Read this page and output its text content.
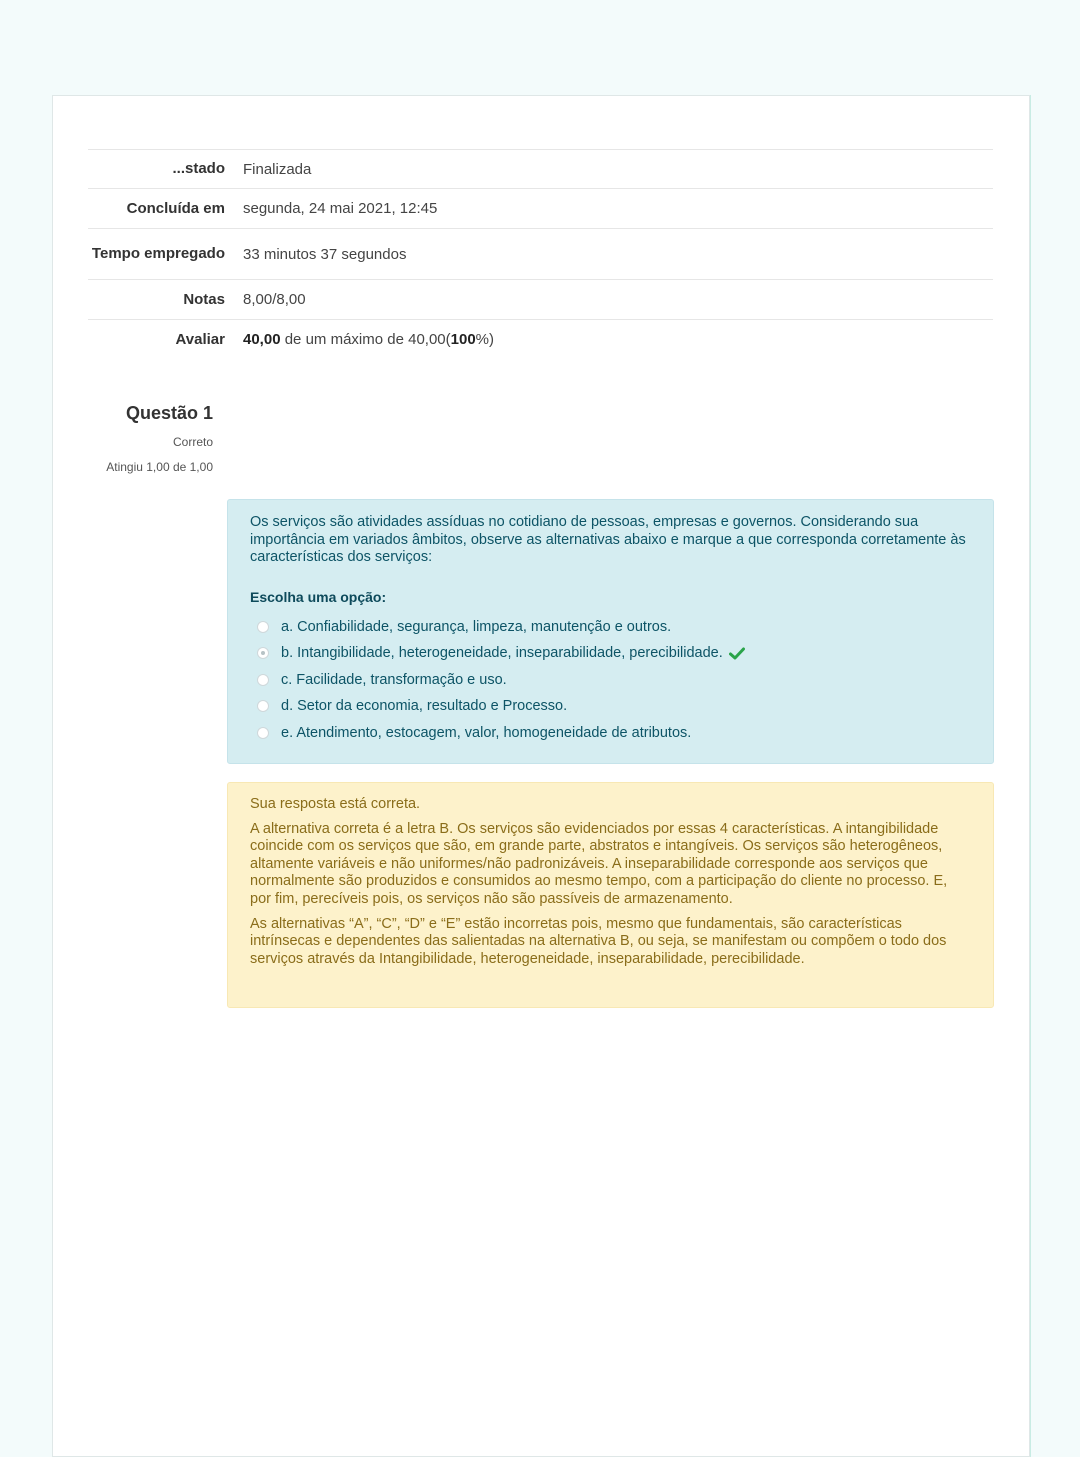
...stado	Finalizada
Concluída em	segunda, 24 mai 2021, 12:45
Tempo empregado	33 minutos 37 segundos
Notas	8,00/8,00
Avaliar	40,00 de um máximo de 40,00(100%)
Questão 1
Correto
Atingiu 1,00 de 1,00

Os serviços são atividades assíduas no cotidiano de pessoas, empresas e governos. Considerando sua importância em variados âmbitos, observe as alternativas abaixo e marque a que corresponda corretamente às características dos serviços:

Escolha uma opção:

a. Confiabilidade, segurança, limpeza, manutenção e outros.
b. Intangibilidade, heterogeneidade, inseparabilidade, perecibilidade.
c. Facilidade, transformação e uso.
d. Setor da economia, resultado e Processo.
e. Atendimento, estocagem, valor, homogeneidade de atributos.

Sua resposta está correta.

A alternativa correta é a letra B. Os serviços são evidenciados por essas 4 características. A intangibilidade coincide com os serviços que são, em grande parte, abstratos e intangíveis. Os serviços são heterogêneos, altamente variáveis e não uniformes/não padronizáveis. A inseparabilidade corresponde aos serviços que normalmente são produzidos e consumidos ao mesmo tempo, com a participação do cliente no processo. E, por fim, perecíveis pois, os serviços não são passíveis de armazenamento.

As alternativas “A”, “C”, “D” e “E” estão incorretas pois, mesmo que fundamentais, são características intrínsecas e dependentes das salientadas na alternativa B, ou seja, se manifestam ou compõem o todo dos serviços através da Intangibilidade, heterogeneidade, inseparabilidade, perecibilidade.
